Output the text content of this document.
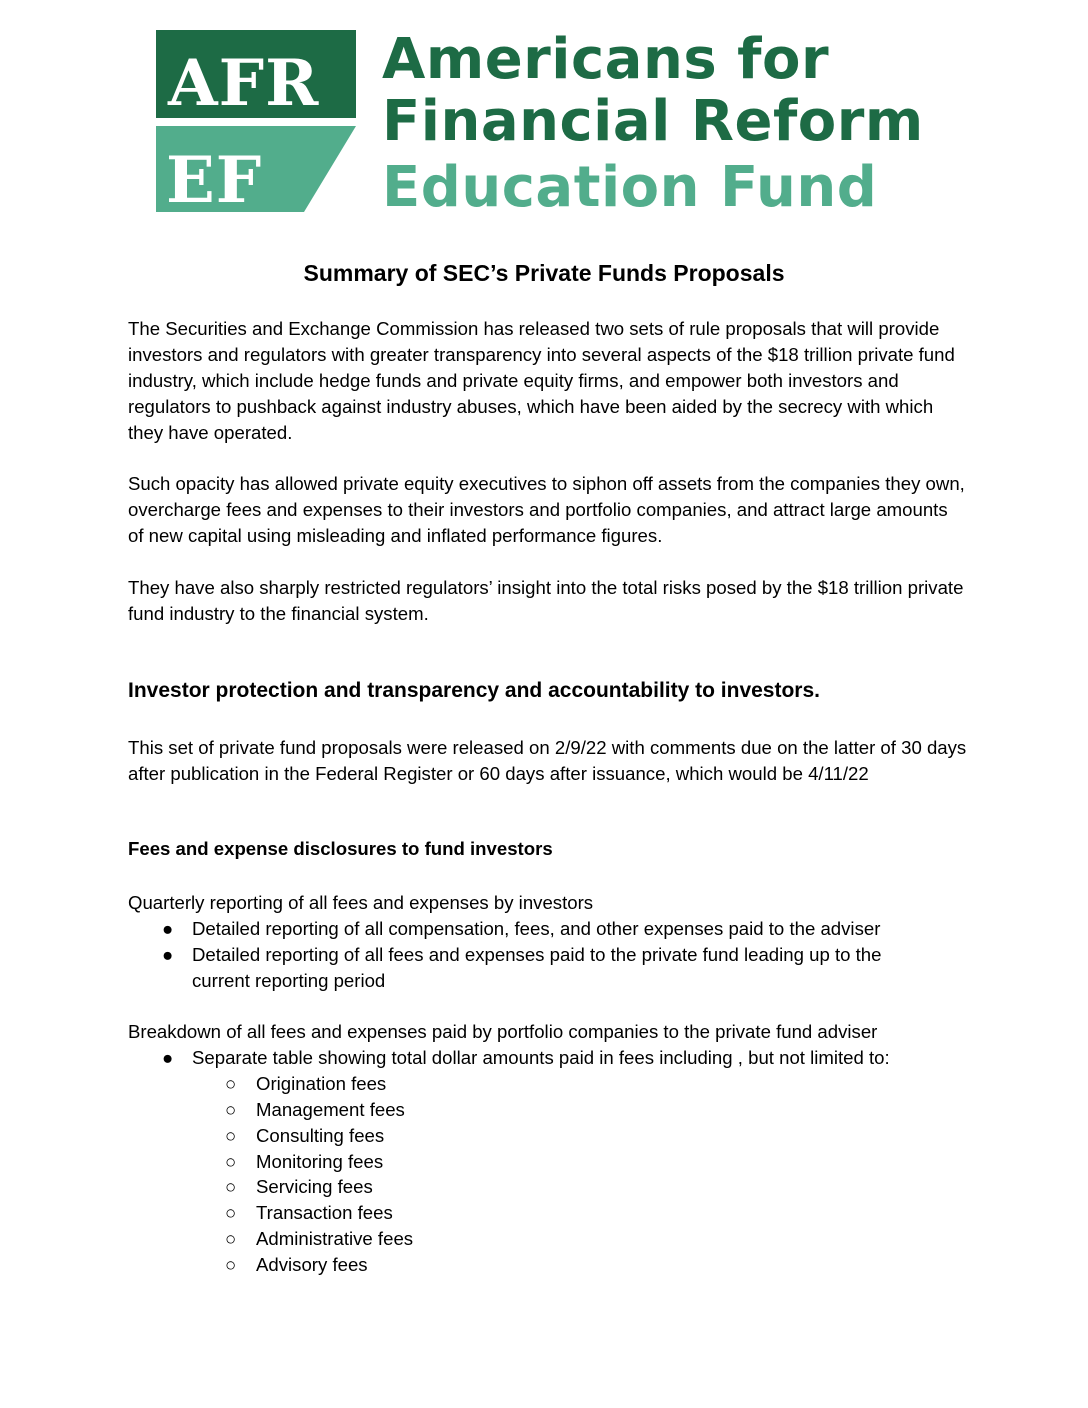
AFR
EF
Americans for
Financial Reform
Education Fund
Summary of SEC’s Private Funds Proposals

The Securities and Exchange Commission has released two sets of rule proposals that will provide investors and regulators with greater transparency into several aspects of the $18 trillion private fund industry, which include hedge funds and private equity firms, and empower both investors and regulators to pushback against industry abuses, which have been aided by the secrecy with which they have operated.

Such opacity has allowed private equity executives to siphon off assets from the companies they own, overcharge fees and expenses to their investors and portfolio companies, and attract large amounts of new capital using misleading and inflated performance figures.

They have also sharply restricted regulators’ insight into the total risks posed by the $18 trillion private fund industry to the financial system.

Investor protection and transparency and accountability to investors.

This set of private fund proposals were released on 2/9/22 with comments due on the latter of 30 days after publication in the Federal Register or 60 days after issuance, which would be 4/11/22

Fees and expense disclosures to fund investors

Quarterly reporting of all fees and expenses by investors

● Detailed reporting of all compensation, fees, and other expenses paid to the adviser
● Detailed reporting of all fees and expenses paid to the private fund leading up to the current reporting period

Breakdown of all fees and expenses paid by portfolio companies to the private fund adviser

● Separate table showing total dollar amounts paid in fees including , but not limited to:
○ Origination fees
○ Management fees
○ Consulting fees
○ Monitoring fees
○ Servicing fees
○ Transaction fees
○ Administrative fees
○ Advisory fees
